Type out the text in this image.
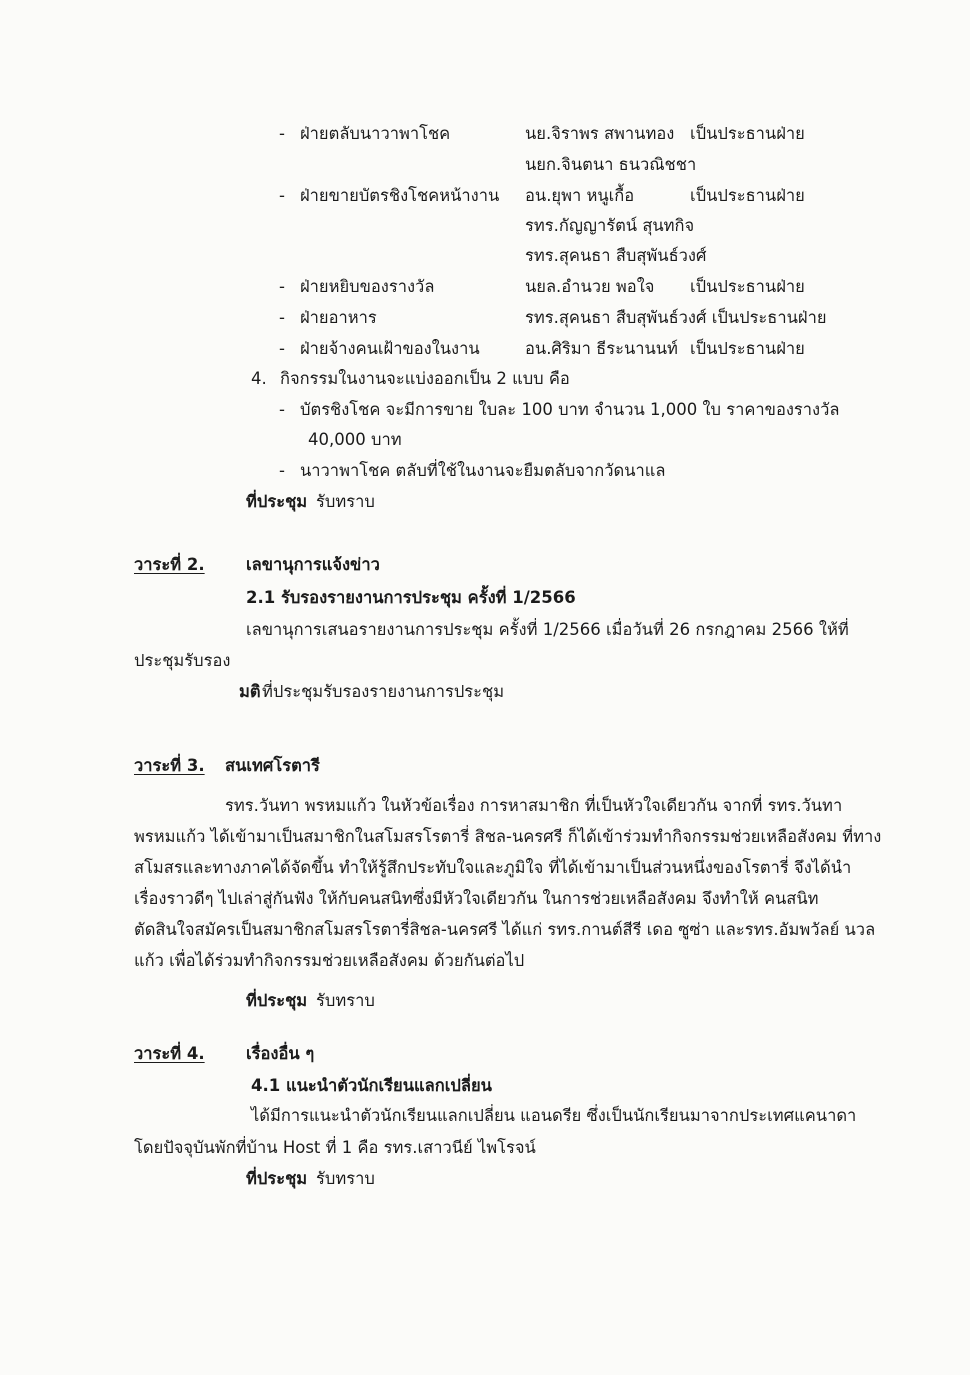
- ฝ่ายตลับนาวาพาโชค	นย.จิราพร สพานทอง เป็นประธานฝ่าย
นยก.จินตนา ธนวณิชชา
- ฝ่ายขายบัตรชิงโชคหน้างาน อน.ยุพา หนูเกื้อ	เป็นประธานฝ่าย
รทร.กัญญารัตน์ สุนทกิจ
รทร.สุคนธา สืบสุพันธ์วงศ์
- ฝ่ายหยิบของรางวัล	นยล.อำนวย พอใจ เป็นประธานฝ่าย
- ฝ่ายอาหาร	รทร.สุคนธา สืบสุพันธ์วงศ์ เป็นประธานฝ่าย
- ฝ่ายจ้างคนเฝ้าของในงาน	อน.ศิริมา ธีระนานนท์ เป็นประธานฝ่าย
4. กิจกรรมในงานจะแบ่งออกเป็น 2 แบบ คือ
- บัตรชิงโชค จะมีการขาย ใบละ 100 บาท จำนวน 1,000 ใบ ราคาของรางวัล
40,000 บาท
- นาวาพาโชค ตลับที่ใช้ในงานจะยืมตลับจากวัดนาแล
ที่ประชุม รับทราบ
วาระที่ 2.	เลขานุการแจ้งข่าว
2.1 รับรองรายงานการประชุม ครั้งที่ 1/2566
เลขานุการเสนอรายงานการประชุม ครั้งที่ 1/2566 เมื่อวันที่ 26 กรกฎาคม 2566 ให้ที่
ประชุมรับรอง
มติ ที่ประชุมรับรองรายงานการประชุม
วาระที่ 3. สนเทศโรตารี
รทร.วันทา พรหมแก้ว ในหัวข้อเรื่อง การหาสมาชิก ที่เป็นหัวใจเดียวกัน จากที่ รทร.วันทา
พรหมแก้ว ได้เข้ามาเป็นสมาชิกในสโมสรโรตารี่ สิชล-นครศรี ก็ได้เข้าร่วมทำกิจกรรมช่วยเหลือสังคม ที่ทาง
สโมสรและทางภาคได้จัดขึ้น ทำให้รู้สึกประทับใจและภูมิใจ ที่ได้เข้ามาเป็นส่วนหนึ่งของโรตารี่ จึงได้นำ
เรื่องราวดีๆ ไปเล่าสู่กันฟัง ให้กับคนสนิทซึ่งมีหัวใจเดียวกัน ในการช่วยเหลือสังคม จึงทำให้ คนสนิท
ตัดสินใจสมัครเป็นสมาชิกสโมสรโรตารี่สิชล-นครศรี ได้แก่ รทร.กานต์สีรี เดอ ซูซ่า และรทร.อัมพวัลย์ นวล
แก้ว เพื่อได้ร่วมทำกิจกรรมช่วยเหลือสังคม ด้วยกันต่อไป
ที่ประชุม รับทราบ
วาระที่ 4.	เรื่องอื่น ๆ
4.1 แนะนำตัวนักเรียนแลกเปลี่ยน
ได้มีการแนะนำตัวนักเรียนแลกเปลี่ยน แอนดรีย ซึ่งเป็นนักเรียนมาจากประเทศแคนาดา
โดยปัจจุบันพักที่บ้าน Host ที่ 1 คือ รทร.เสาวนีย์ ไพโรจน์
ที่ประชุม รับทราบ
